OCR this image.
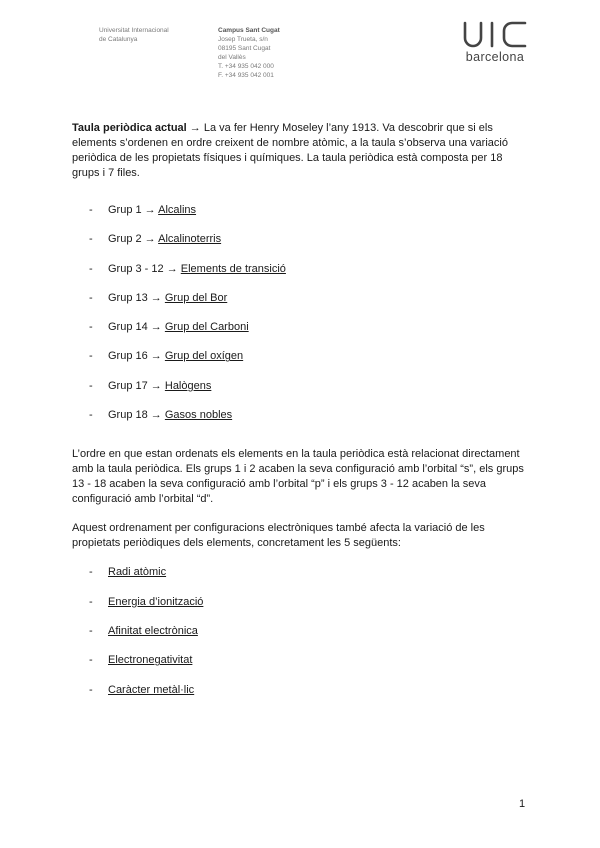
Universitat Internacional
de Catalunya
Campus Sant Cugat
Josep Trueta, s/n
08195 Sant Cugat
del Vallès
T. +34 935 042 000
F. +34 935 042 001
barcelona

Taula periòdica actual → La va fer Henry Moseley l’any 1913. Va descobrir que si els elements s’ordenen en ordre creixent de nombre atòmic, a la taula s’observa una variació periòdica de les propietats físiques i químiques. La taula periòdica està composta per 18 grups i 7 files.

- Grup 1 → Alcalins
- Grup 2 → Alcalinoterris
- Grup 3 - 12 → Elements de transició
- Grup 13 → Grup del Bor
- Grup 14 → Grup del Carboni
- Grup 16 → Grup del oxígen
- Grup 17 → Halògens
- Grup 18 → Gasos nobles

L’ordre en que estan ordenats els elements en la taula periòdica està relacionat directament amb la taula periòdica. Els grups 1 i 2 acaben la seva configuració amb l’orbital “s”, els grups 13 - 18 acaben la seva configuració amb l’orbital “p” i els grups 3 - 12 acaben la seva configuració amb l’orbital “d”.

Aquest ordrenament per configuracions electròniques també afecta la variació de les propietats periòdiques dels elements, concretament les 5 següents:

- Radi atòmic
- Energia d’ionització
- Afinitat electrònica
- Electronegativitat
- Caràcter metàl·lic
1
